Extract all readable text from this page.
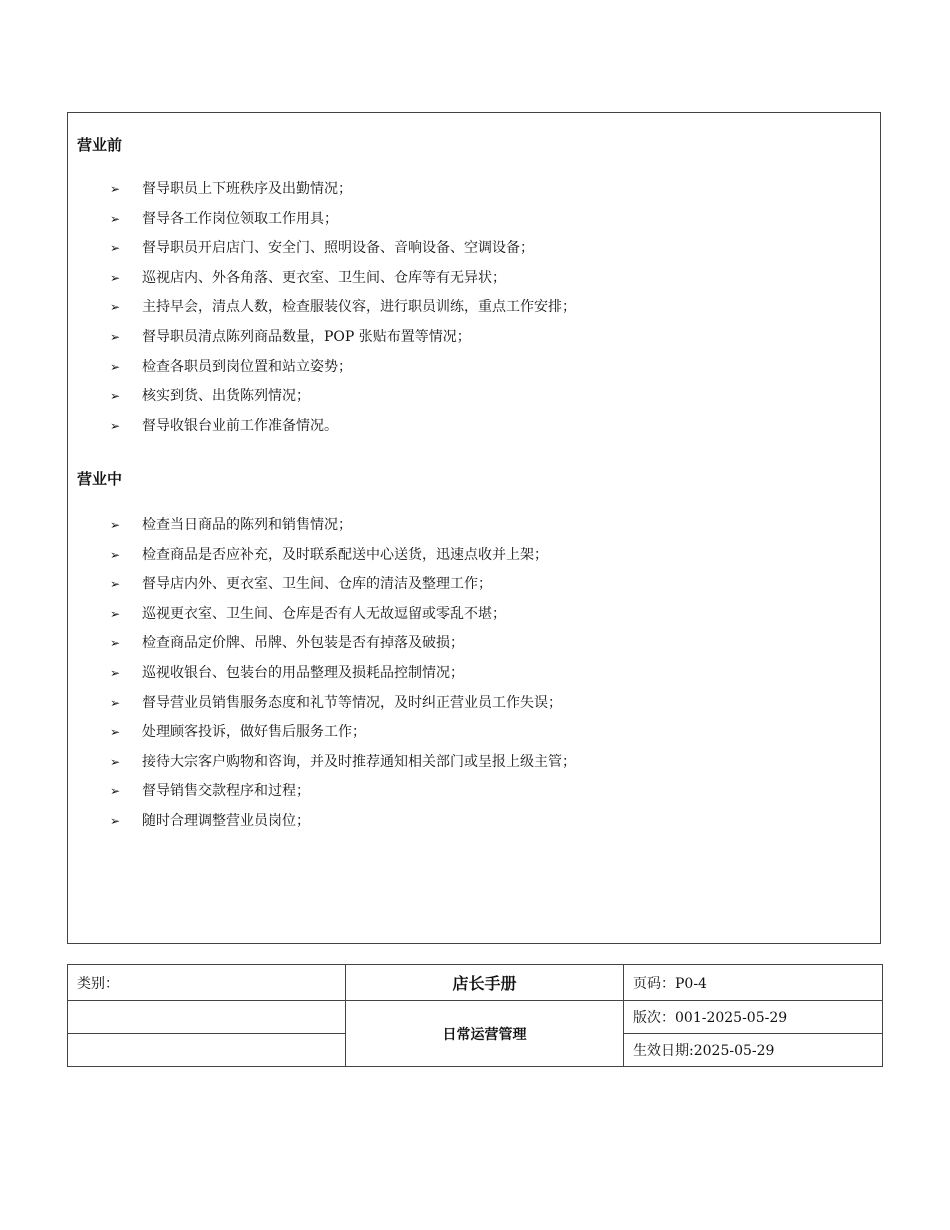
营业前
➢ 督导职员上下班秩序及出勤情况；
➢ 督导各工作岗位领取工作用具；
➢ 督导职员开启店门、安全门、照明设备、音响设备、空调设备；
➢ 巡视店内、外各角落、更衣室、卫生间、仓库等有无异状；
➢ 主持早会，清点人数，检查服装仪容，进行职员训练，重点工作安排；
➢ 督导职员清点陈列商品数量，POP 张贴布置等情况；
➢ 检查各职员到岗位置和站立姿势；
➢ 核实到货、出货陈列情况；
➢ 督导收银台业前工作准备情况。
营业中
➢ 检查当日商品的陈列和销售情况；
➢ 检查商品是否应补充，及时联系配送中心送货，迅速点收并上架；
➢ 督导店内外、更衣室、卫生间、仓库的清洁及整理工作；
➢ 巡视更衣室、卫生间、仓库是否有人无故逗留或零乱不堪；
➢ 检查商品定价牌、吊牌、外包装是否有掉落及破损；
➢ 巡视收银台、包装台的用品整理及损耗品控制情况；
➢ 督导营业员销售服务态度和礼节等情况，及时纠正营业员工作失误；
➢ 处理顾客投诉，做好售后服务工作；
➢ 接待大宗客户购物和咨询，并及时推荐通知相关部门或呈报上级主管；
➢ 督导销售交款程序和过程；
➢ 随时合理调整营业员岗位；
类别：	店长手册	页码：P0-4
	日常运营管理	版次：001-2025-05-29
		生效日期:2025-05-29
